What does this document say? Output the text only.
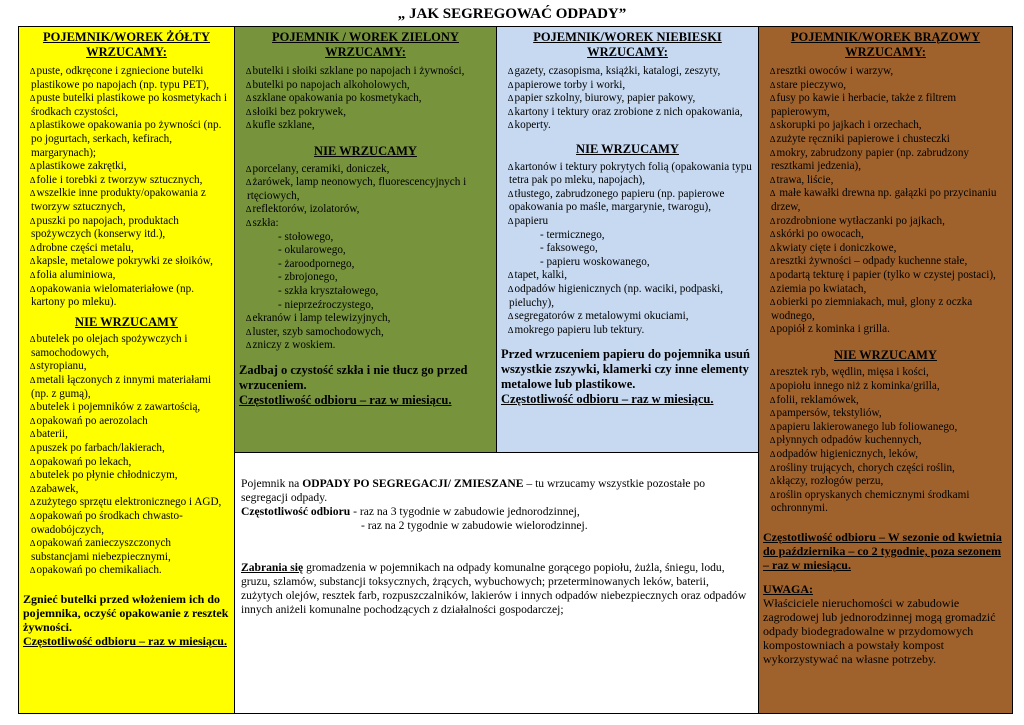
„ JAK SEGREGOWAĆ ODPADY”
POJEMNIK/WOREK ŻÓŁTY WRZUCAMY:
∆puste, odkręcone i zgniecione butelki plastikowe po napojach (np. typu PET),
∆puste butelki plastikowe po kosmetykach i środkach czystości,
∆plastikowe opakowania po żywności (np. po jogurtach, serkach, kefirach, margarynach);
∆plastikowe zakrętki,
∆folie i torebki z tworzyw sztucznych,
∆wszelkie inne produkty/opakowania z tworzyw sztucznych,
∆puszki po napojach, produktach spożywczych (konserwy itd.),
∆drobne części metalu,
∆kapsle, metalowe pokrywki ze słoików,
∆folia aluminiowa,
∆opakowania wielomateriałowe (np. kartony po mleku).
NIE WRZUCAMY
∆butelek po olejach spożywczych i samochodowych,
∆styropianu,
∆metali łączonych z innymi materiałami (np. z gumą),
∆butelek i pojemników z zawartością,
∆opakowań po aerozolach
∆baterii,
∆puszek po farbach/lakierach,
∆opakowań po lekach,
∆butelek po płynie chłodniczym,
∆zabawek,
∆zużytego sprzętu elektronicznego i AGD,
∆opakowań po środkach chwasto-owadobójczych,
∆opakowań zanieczyszczonych substancjami niebezpiecznymi,
∆opakowań po chemikaliach.
Zgnieć butelki przed włożeniem ich do pojemnika, oczyść opakowanie z resztek żywności.
Częstotliwość odbioru – raz w miesiącu.
POJEMNIK / WOREK ZIELONY WRZUCAMY:
∆butelki i słoiki szklane po napojach i żywności,
∆butelki po napojach alkoholowych,
∆szklane opakowania po kosmetykach,
∆słoiki bez pokrywek,
∆kufle szklane,
NIE WRZUCAMY
∆porcelany, ceramiki, doniczek,
∆żarówek, lamp neonowych, fluorescencyjnych i rtęciowych,
∆reflektorów, izolatorów,
∆szkła:
- stołowego,
- okularowego,
- żaroodpornego,
- zbrojonego,
- szkła kryształowego,
- nieprzeźroczystego,
∆ekranów i lamp telewizyjnych,
∆luster, szyb samochodowych,
∆zniczy z woskiem.
Zadbaj o czystość szkła i nie tłucz go przed wrzuceniem.
Częstotliwość odbioru – raz w miesiącu.
POJEMNIK/WOREK NIEBIESKI WRZUCAMY:
∆gazety, czasopisma, książki, katalogi, zeszyty,
∆papierowe torby i worki,
∆papier szkolny, biurowy, papier pakowy,
∆kartony i tektury oraz zrobione z nich opakowania,
∆koperty.
NIE WRZUCAMY
∆kartonów i tektury pokrytych folią (opakowania typu tetra pak po mleku, napojach),
∆tłustego, zabrudzonego papieru (np. papierowe opakowania po maśle, margarynie, twarogu),
∆papieru
- termicznego,
- faksowego,
- papieru woskowanego,
∆tapet, kalki,
∆odpadów higienicznych (np. waciki, podpaski, pieluchy),
∆segregatorów z metalowymi okuciami,
∆mokrego papieru lub tektury.
Przed wrzuceniem papieru do pojemnika usuń wszystkie zszywki, klamerki czy inne elementy metalowe lub plastikowe.
Częstotliwość odbioru – raz w miesiącu.

Pojemnik na ODPADY PO SEGREGACJI/ ZMIESZANE – tu wrzucamy wszystkie pozostałe po segregacji odpady.
Częstotliwość odbioru - raz na 3 tygodnie w zabudowie jednorodzinnej,
- raz na 2 tygodnie w zabudowie wielorodzinnej.

Zabrania się gromadzenia w pojemnikach na odpady komunalne gorącego popiołu, żużla, śniegu, lodu, gruzu, szlamów, substancji toksycznych, żrących, wybuchowych; przeterminowanych leków, baterii, zużytych olejów, resztek farb, rozpuszczalników, lakierów i innych odpadów niebezpiecznych oraz odpadów innych aniżeli komunalne pochodzących z działalności gospodarczej;

POJEMNIK/WOREK BRĄZOWY WRZUCAMY:
∆resztki owoców i warzyw,
∆stare pieczywo,
∆fusy po kawie i herbacie, także z filtrem papierowym,
∆skorupki po jajkach i orzechach,
∆zużyte ręczniki papierowe i chusteczki
∆mokry, zabrudzony papier (np. zabrudzony resztkami jedzenia),
∆trawa, liście,
∆ małe kawałki drewna np. gałązki po przycinaniu drzew,
∆rozdrobnione wytłaczanki po jajkach,
∆skórki po owocach,
∆kwiaty cięte i doniczkowe,
∆resztki żywności – odpady kuchenne stałe,
∆podartą tekturę i papier (tylko w czystej postaci),
∆ziemia po kwiatach,
∆obierki po ziemniakach, muł, glony z oczka wodnego,
∆popiół z kominka i grilla.
NIE WRZUCAMY
∆resztek ryb, wędlin, mięsa i kości,
∆popiołu innego niż z kominka/grilla,
∆folii, reklamówek,
∆pampersów, tekstyliów,
∆papieru lakierowanego lub foliowanego,
∆płynnych odpadów kuchennych,
∆odpadów higienicznych, leków,
∆rośliny trujących, chorych części roślin,
∆kłączy, rozłogów perzu,
∆roślin opryskanych chemicznymi środkami ochronnymi.
Częstotliwość odbioru – W sezonie od kwietnia do października – co 2 tygodnie, poza sezonem – raz w miesiącu.
UWAGA:
Właściciele nieruchomości w zabudowie zagrodowej lub jednorodzinnej mogą gromadzić odpady biodegradowalne w przydomowych kompostowniach a powstały kompost wykorzystywać na własne potrzeby.
